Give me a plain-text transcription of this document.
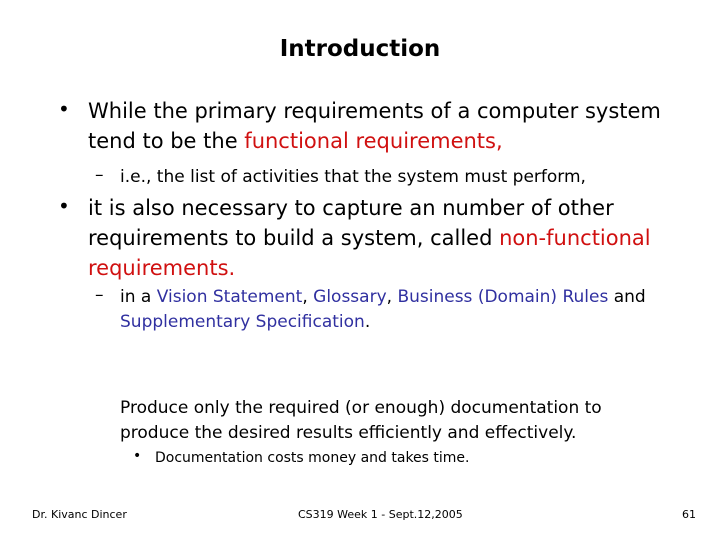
Introduction
• While the primary requirements of a computer system tend to be the functional requirements,
– i.e., the list of activities that the system must perform,
• it is also necessary to capture an number of other requirements to build a system, called non-functional requirements.
– in a Vision Statement, Glossary, Business (Domain) Rules and Supplementary Specification.
Produce only the required (or enough) documentation to produce the desired results efficiently and effectively.
• Documentation costs money and takes time.
Dr. Kivanc Dincer	CS319 Week 1 - Sept.12,2005	61
